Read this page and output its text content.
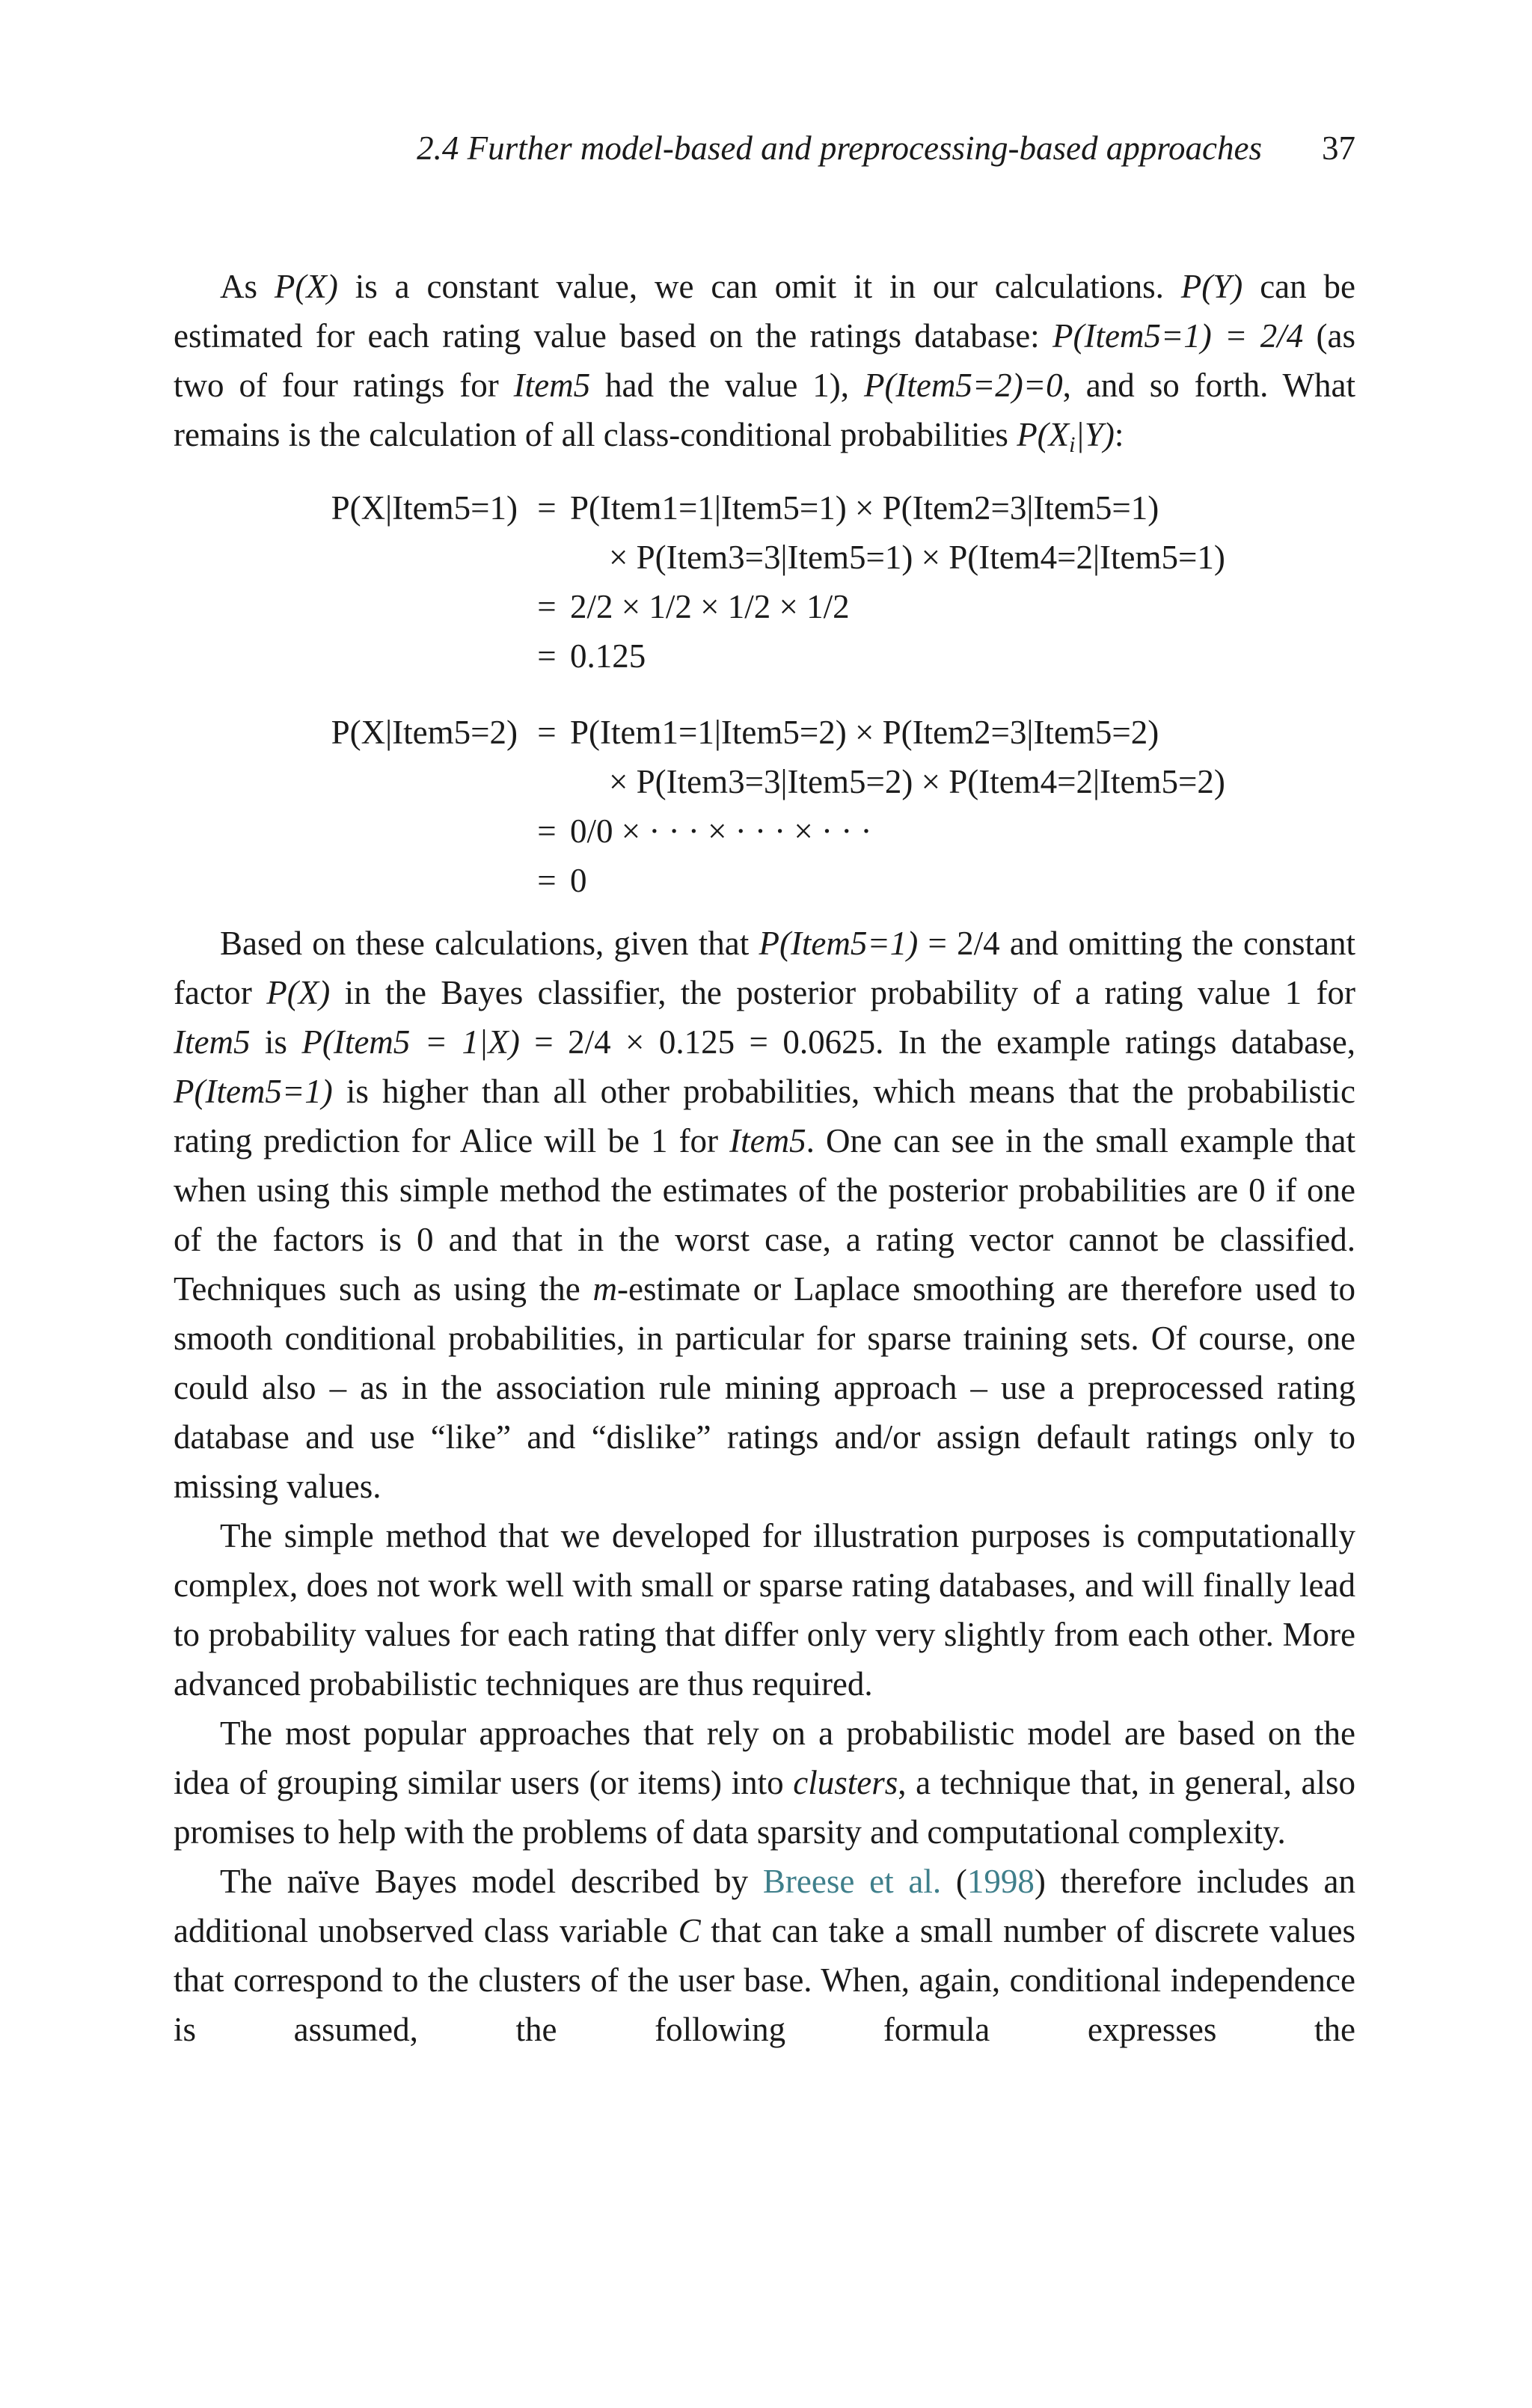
2.4 Further model-based and preprocessing-based approaches 37

As P(X) is a constant value, we can omit it in our calculations. P(Y) can be estimated for each rating value based on the ratings database: P(Item5=1) = 2/4 (as two of four ratings for Item5 had the value 1), P(Item5=2)=0, and so forth. What remains is the calculation of all class-conditional probabilities $P(X_i|Y)$:

P(X|Item5=1) = P(Item1=1|Item5=1) × P(Item2=3|Item5=1)
× P(Item3=3|Item5=1) × P(Item4=2|Item5=1)
= 2/2 × 1/2 × 1/2 × 1/2
= 0.125
P(X|Item5=2) = P(Item1=1|Item5=2) × P(Item2=3|Item5=2)
× P(Item3=3|Item5=2) × P(Item4=2|Item5=2)
= 0/0 × · · · × · · · × · · ·
= 0

Based on these calculations, given that P(Item5=1) = 2/4 and omitting the constant factor P(X) in the Bayes classifier, the posterior probability of a rating value 1 for Item5 is P(Item5 = 1|X) = 2/4 × 0.125 = 0.0625. In the example ratings database, P(Item5=1) is higher than all other probabilities, which means that the probabilistic rating prediction for Alice will be 1 for Item5. One can see in the small example that when using this simple method the estimates of the posterior probabilities are 0 if one of the factors is 0 and that in the worst case, a rating vector cannot be classified. Techniques such as using the m-estimate or Laplace smoothing are therefore used to smooth conditional probabilities, in particular for sparse training sets. Of course, one could also – as in the association rule mining approach – use a preprocessed rating database and use “like” and “dislike” ratings and/or assign default ratings only to missing values.

The simple method that we developed for illustration purposes is computationally complex, does not work well with small or sparse rating databases, and will finally lead to probability values for each rating that differ only very slightly from each other. More advanced probabilistic techniques are thus required.

The most popular approaches that rely on a probabilistic model are based on the idea of grouping similar users (or items) into clusters, a technique that, in general, also promises to help with the problems of data sparsity and computational complexity.

The naïve Bayes model described by Breese et al. (1998) therefore includes an additional unobserved class variable C that can take a small number of discrete values that correspond to the clusters of the user base. When, again, conditional independence is assumed, the following formula expresses the
